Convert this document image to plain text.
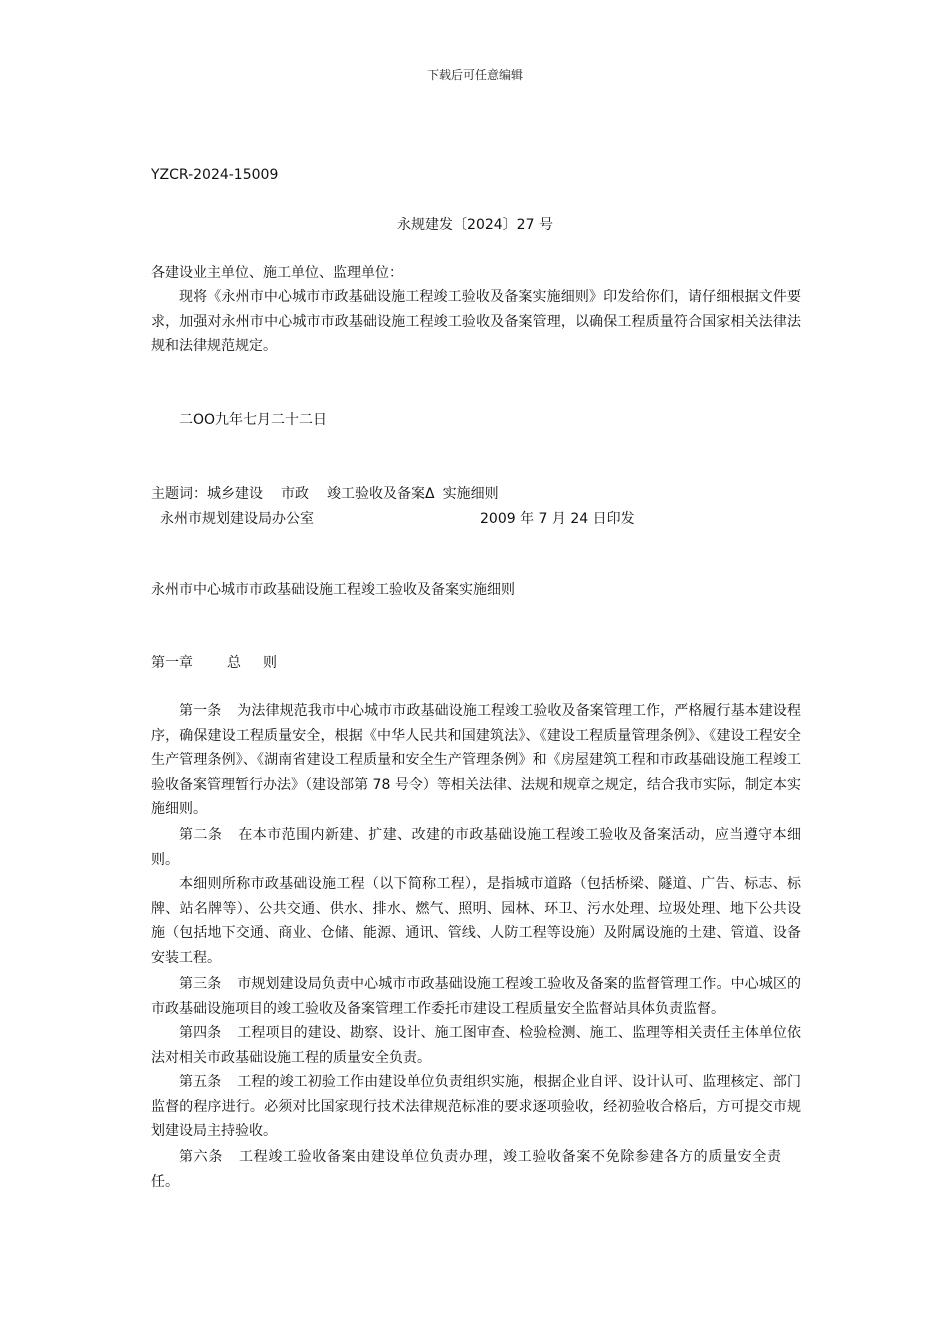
下载后可任意编辑
YZCR-2024-15009
永规建发〔2024〕27 号
各建设业主单位、施工单位、监理单位：
现将《永州市中心城市市政基础设施工程竣工验收及备案实施细则》印发给你们，请仔细根据文件要求，加强对永州市中心城市市政基础设施工程竣工验收及备案管理，以确保工程质量符合国家相关法律法规和法律规范规定。
二OO九年七月二十二日
主题词：城乡建设 市政 竣工验收及备案Δ 实施细则
永州市规划建设局办公室	2009 年 7 月 24 日印发
永州市中心城市市政基础设施工程竣工验收及备案实施细则
第一章 总　则
第一条 为法律规范我市中心城市市政基础设施工程竣工验收及备案管理工作，严格履行基本建设程序，确保建设工程质量安全，根据《中华人民共和国建筑法》、《建设工程质量管理条例》、《建设工程安全生产管理条例》、《湖南省建设工程质量和安全生产管理条例》和《房屋建筑工程和市政基础设施工程竣工验收备案管理暂行办法》（建设部第 78 号令）等相关法律、法规和规章之规定，结合我市实际，制定本实施细则。
第二条 在本市范围内新建、扩建、改建的市政基础设施工程竣工验收及备案活动，应当遵守本细则。
本细则所称市政基础设施工程（以下简称工程），是指城市道路（包括桥梁、隧道、广告、标志、标牌、站名牌等）、公共交通、供水、排水、燃气、照明、园林、环卫、污水处理、垃圾处理、地下公共设施（包括地下交通、商业、仓储、能源、通讯、管线、人防工程等设施）及附属设施的土建、管道、设备安装工程。
第三条 市规划建设局负责中心城市市政基础设施工程竣工验收及备案的监督管理工作。中心城区的市政基础设施项目的竣工验收及备案管理工作委托市建设工程质量安全监督站具体负责监督。
第四条 工程项目的建设、勘察、设计、施工图审查、检验检测、施工、监理等相关责任主体单位依法对相关市政基础设施工程的质量安全负责。
第五条 工程的竣工初验工作由建设单位负责组织实施，根据企业自评、设计认可、监理核定、部门监督的程序进行。必须对比国家现行技术法律规范标准的要求逐项验收，经初验收合格后，方可提交市规划建设局主持验收。
第六条 工程竣工验收备案由建设单位负责办理，竣工验收备案不免除参建各方的质量安全责任。
